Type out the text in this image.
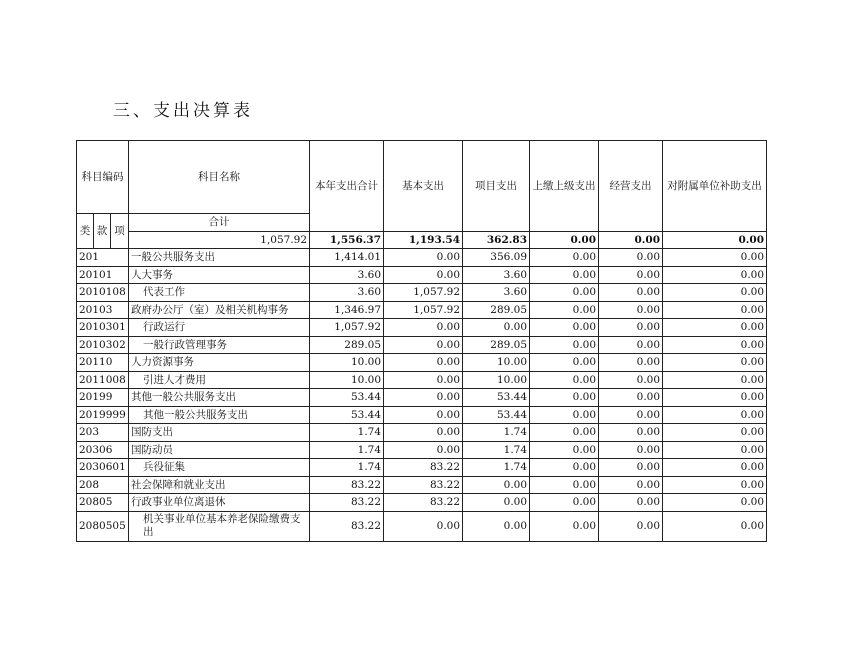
三、支出决算表
科目编码			科目名称	本年支出合计	基本支出	项目支出	上缴上级支出	经营支出	对附属单位补助支出	
类	款	项	合计						
			1,057.92	1,556.37	1,193.54	362.83	0.00	0.00	0.00	
201			一般公共服务支出	1,414.01	0.00	356.09	0.00	0.00	0.00	
20101			人大事务	3.60	0.00	3.60	0.00	0.00	0.00	
2010108			代表工作	3.60	1,057.92	3.60	0.00	0.00	0.00	
20103			政府办公厅（室）及相关机构事务	1,346.97	1,057.92	289.05	0.00	0.00	0.00	
2010301			行政运行	1,057.92	0.00	0.00	0.00	0.00	0.00	
2010302			一般行政管理事务	289.05	0.00	289.05	0.00	0.00	0.00	
20110			人力资源事务	10.00	0.00	10.00	0.00	0.00	0.00	
2011008			引进人才费用	10.00	0.00	10.00	0.00	0.00	0.00	
20199			其他一般公共服务支出	53.44	0.00	53.44	0.00	0.00	0.00	
2019999			其他一般公共服务支出	53.44	0.00	53.44	0.00	0.00	0.00	
203			国防支出	1.74	0.00	1.74	0.00	0.00	0.00	
20306			国防动员	1.74	0.00	1.74	0.00	0.00	0.00	
2030601			兵役征集	1.74	83.22	1.74	0.00	0.00	0.00	
208			社会保障和就业支出	83.22	83.22	0.00	0.00	0.00	0.00	
20805			行政事业单位离退休	83.22	83.22	0.00	0.00	0.00	0.00	
2080505			机关事业单位基本养老保险缴费支出	83.22	0.00	0.00	0.00	0.00	0.00	
